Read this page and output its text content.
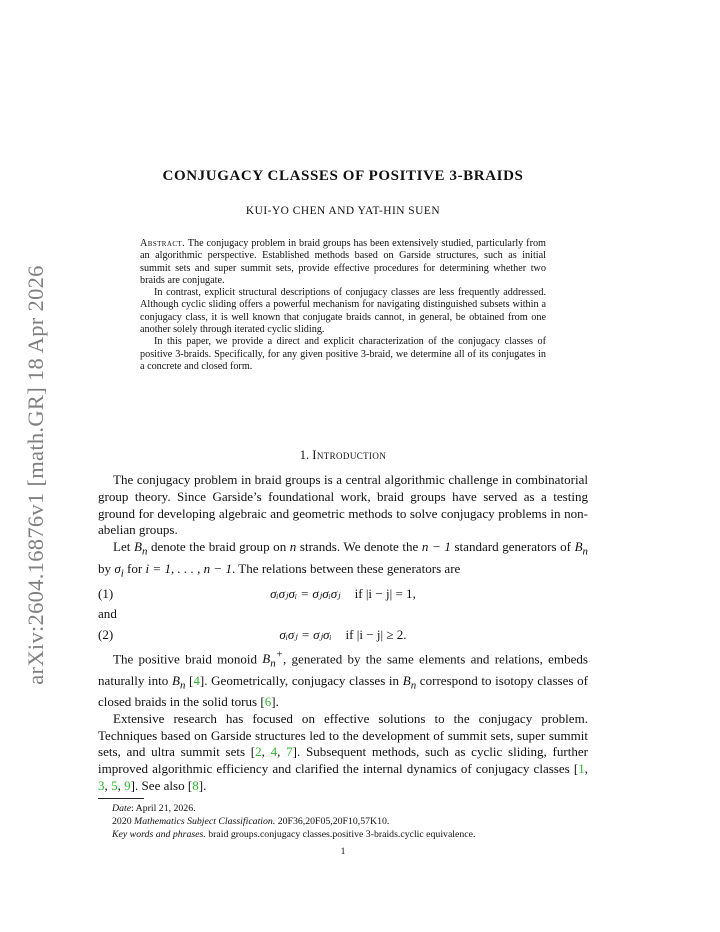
arXiv:2604.16876v1 [math.GR] 18 Apr 2026
CONJUGACY CLASSES OF POSITIVE 3-BRAIDS
KUI-YO CHEN AND YAT-HIN SUEN

Abstract. The conjugacy problem in braid groups has been extensively studied, particularly from an algorithmic perspective. Established methods based on Garside structures, such as initial summit sets and super summit sets, provide effective procedures for determining whether two braids are conjugate.

In contrast, explicit structural descriptions of conjugacy classes are less frequently addressed. Although cyclic sliding offers a powerful mechanism for navigating distinguished subsets within a conjugacy class, it is well known that conjugate braids cannot, in general, be obtained from one another solely through iterated cyclic sliding.

In this paper, we provide a direct and explicit characterization of the conjugacy classes of positive 3-braids. Specifically, for any given positive 3-braid, we determine all of its conjugates in a concrete and closed form.

1. Introduction

The conjugacy problem in braid groups is a central algorithmic challenge in combinatorial group theory. Since Garside’s foundational work, braid groups have served as a testing ground for developing algebraic and geometric methods to solve conjugacy problems in non-abelian groups.

Let $B_n$ denote the braid group on n strands. We denote the n − 1 standard generators of $B_n$ by $\sigma_i$ for i = 1, . . . , n − 1. The relations between these generators are

(1)	σᵢσⱼσᵢ = σⱼσᵢσⱼ if |i − j| = 1,

and

(2)	σᵢσⱼ = σⱼσᵢ if |i − j| ≥ 2.

The positive braid monoid $B_n^+$, generated by the same elements and relations, embeds naturally into $B_n$ [4]. Geometrically, conjugacy classes in $B_n$ correspond to isotopy classes of closed braids in the solid torus [6].

Extensive research has focused on effective solutions to the conjugacy problem. Techniques based on Garside structures led to the development of summit sets, super summit sets, and ultra summit sets [2, 4, 7]. Subsequent methods, such as cyclic sliding, further improved algorithmic efficiency and clarified the internal dynamics of conjugacy classes [1, 3, 5, 9]. See also [8].

Date: April 21, 2026.
2020 Mathematics Subject Classification. 20F36,20F05,20F10,57K10.
Key words and phrases. braid groups.conjugacy classes.positive 3-braids.cyclic equivalence.
1
